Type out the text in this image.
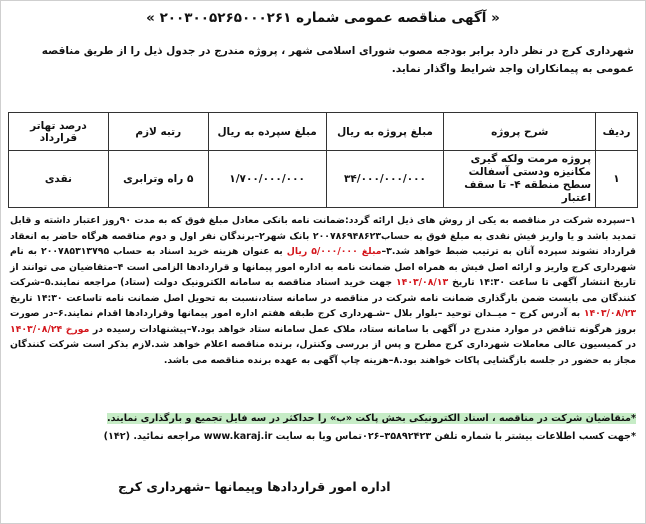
« آگهی مناقصه عمومی شماره ۲۰۰۳۰۰۵۲۶۵۰۰۰۲۶۱ »
شهرداری کرج در نظر دارد برابر بودجه مصوب شورای اسلامی شهر ، پروژه مندرج در جدول ذیل را از طریق مناقصه عمومی به پیمانکاران واجد شرایط واگذار نماید.
ردیف	شرح پروژه	مبلغ پروژه به ریال	مبلغ سپرده به ریال	رتبه لازم	درصد تهاتر قرارداد
۱	پروژه مرمت ولکه گیری مکانیزه ودستی آسفالت سطح منطقه ۴- تا سقف اعتبار	۳۴/۰۰۰/۰۰۰/۰۰۰	۱/۷۰۰/۰۰۰/۰۰۰	۵ راه وترابری	نقدی
۱–سپرده شرکت در مناقصه به یکی از روش های ذیل ارائه گردد:ضمانت نامه بانکی معادل مبلغ فوق که به مدت ۹۰روز اعتبار داشته و قابل تمدید باشد و یا واریز فیش نقدی به مبلغ فوق به حساب۲۰۰۷۸۶۹۴۸۶۲۳ بانک شهر۲–برندگان نفر اول و دوم مناقصه هرگاه حاضر به انعقاد قرارداد نشوند سپرده آنان به ترتیب ضبط خواهد شد.۳–مبلغ ۵/۰۰۰/۰۰۰ ریال به عنوان هزینه خرید اسناد به حساب ۲۰۰۷۸۵۳۱۳۷۹۵ به نام شهرداری کرج واریز و ارائه اصل فیش به همراه اصل ضمانت نامه به اداره امور پیمانها و قراردادها الزامی است ۴–متقاضیان می توانند از تاریخ انتشار آگهی تا ساعت ۱۴:۳۰ تاریخ ۱۴۰۳/۰۸/۱۳ جهت خرید اسناد مناقصه به سامانه الکترونیک دولت (ستاد) مراجعه نمایند.۵–شرکت کنندگان می بایست ضمن بارگذاری ضمانت نامه شرکت در مناقصه در سامانه ستاد،نسبت به تحویل اصل ضمانت نامه تاساعت ۱۴:۳۰ تاریخ ۱۴۰۳/۰۸/۲۳ به آدرس کرج – میــدان توحید –بلوار بلال –شـهرداری کرج طبقه هفتم اداره امور پیمانها وقراردادها اقدام نمایند.۶–در صورت بروز هرگونه تناقض در موارد مندرج در آگهی با سامانه ستاد، ملاک عمل سامانه ستاد خواهد بود.۷–پیشنهادات رسیده در مورخ ۱۴۰۳/۰۸/۲۴ در کمیسیون عالی معاملات شهرداری کرج مطرح و پس از بررسی وکنترل، برنده مناقصه اعلام خواهد شد.لازم بذکر است شرکت کنندگان مجاز به حضور در جلسه بازگشایی پاکات خواهند بود.۸–هزینه چاپ آگهی به عهده برنده مناقصه می باشد.
*متقاضیان شرکت در مناقصه ، اسناد الکترونیکی بخش پاکت «ب» را حداکثر در سه فایل تجمیع و بارگذاری نمایند.
*جهت کسب اطلاعات بیشتر با شماره تلفن ۳۵۸۹۲۴۲۳–۰۲۶تماس ویا به سایت www.karaj.ir مراجعه نمائید. (۱۴۲)
اداره امور قراردادها وپیمانها –شهرداری کرج
